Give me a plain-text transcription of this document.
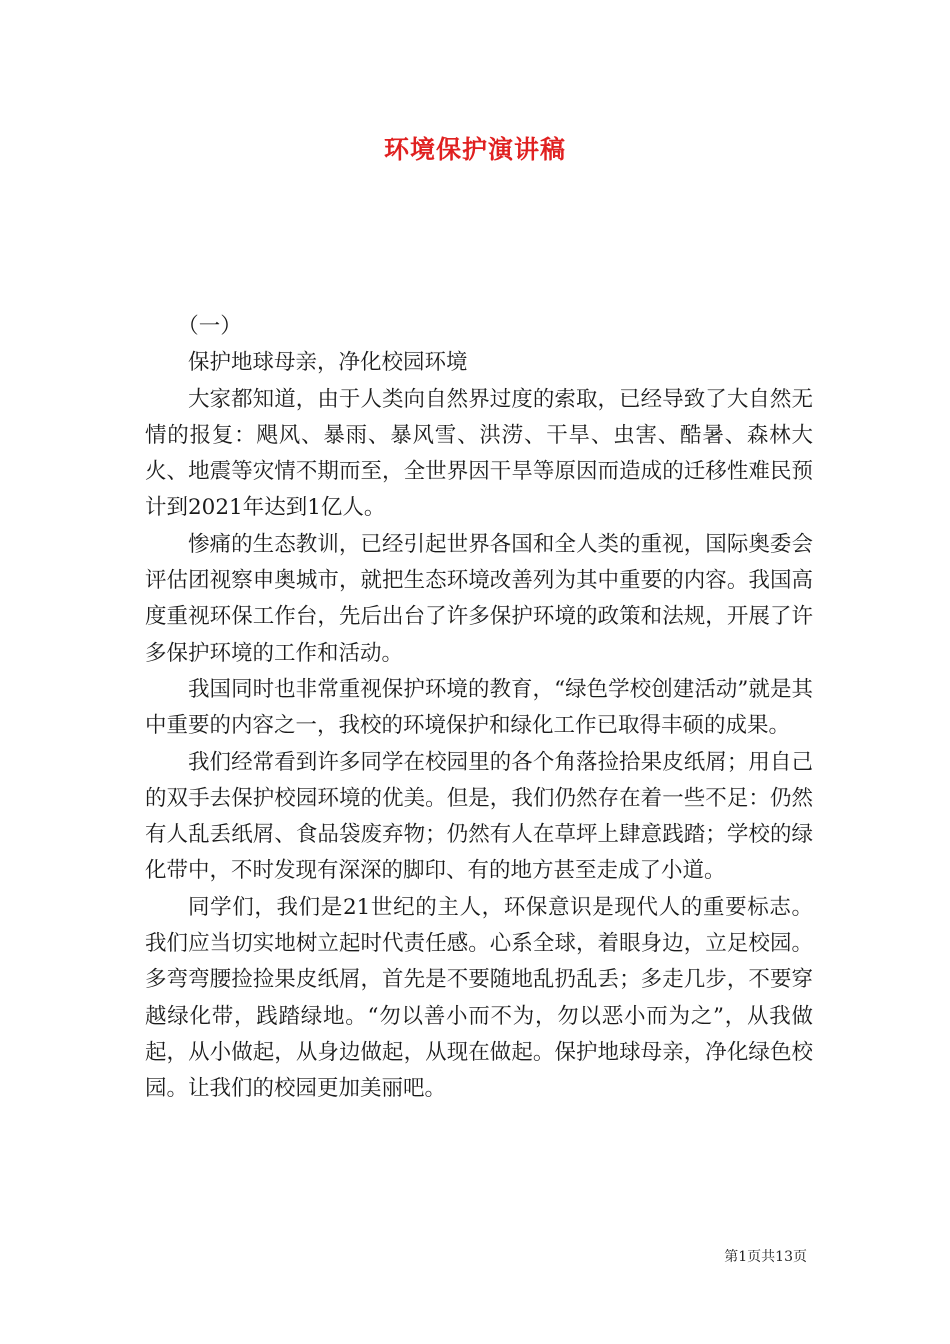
环境保护演讲稿

（一）

保护地球母亲，净化校园环境

大家都知道，由于人类向自然界过度的索取，已经导致了大自然无情的报复：飓风、暴雨、暴风雪、洪涝、干旱、虫害、酷暑、森林大火、地震等灾情不期而至，全世界因干旱等原因而造成的迁移性难民预计到2021年达到1亿人。

惨痛的生态教训，已经引起世界各国和全人类的重视，国际奥委会评估团视察申奥城市，就把生态环境改善列为其中重要的内容。我国高度重视环保工作台，先后出台了许多保护环境的政策和法规，开展了许多保护环境的工作和活动。

我国同时也非常重视保护环境的教育，“绿色学校创建活动”就是其中重要的内容之一，我校的环境保护和绿化工作已取得丰硕的成果。

我们经常看到许多同学在校园里的各个角落捡拾果皮纸屑；用自己的双手去保护校园环境的优美。但是，我们仍然存在着一些不足：仍然有人乱丢纸屑、食品袋废弃物；仍然有人在草坪上肆意践踏；学校的绿化带中，不时发现有深深的脚印、有的地方甚至走成了小道。

同学们，我们是21世纪的主人，环保意识是现代人的重要标志。我们应当切实地树立起时代责任感。心系全球，着眼身边，立足校园。多弯弯腰捡捡果皮纸屑，首先是不要随地乱扔乱丢；多走几步，不要穿越绿化带，践踏绿地。“勿以善小而不为，勿以恶小而为之”，从我做起，从小做起，从身边做起，从现在做起。保护地球母亲，净化绿色校园。让我们的校园更加美丽吧。

第1页共13页
